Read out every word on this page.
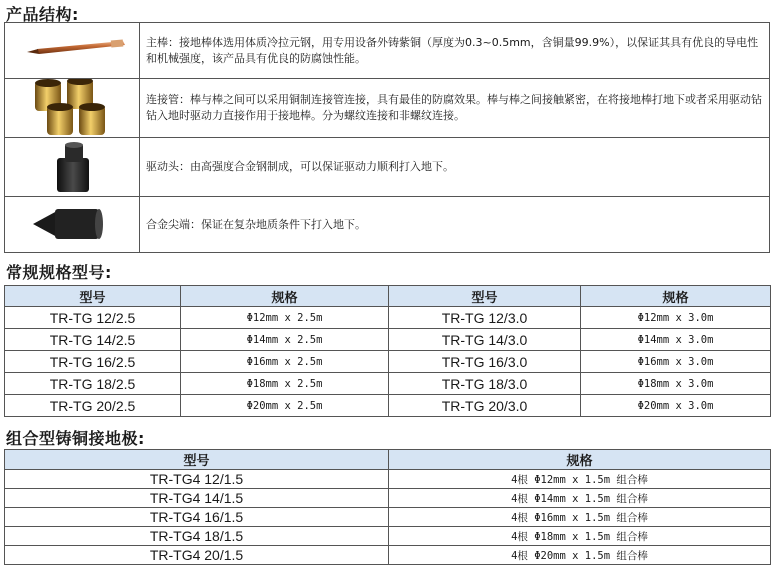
产品结构:
	主棒：接地棒体选用体质冷拉元钢，用专用设备外铸紫铜（厚度为0.3~0.5mm，含铜量99.9%），以保证其具有优良的导电性和机械强度，该产品具有优良的防腐蚀性能。

	连接管：棒与棒之间可以采用铜制连接管连接，具有最佳的防腐效果。棒与棒之间接触紧密，在将接地棒打地下或者采用驱动钻钻入地时驱动力直接作用于接地棒。分为螺纹连接和非螺纹连接。

	驱动头：由高强度合金钢制成，可以保证驱动力顺利打入地下。

	合金尖端：保证在复杂地质条件下打入地下。
常规规格型号:
型号	规格	型号	规格
TR-TG 12/2.5	Φ12mm x 2.5m	TR-TG 12/3.0	Φ12mm x 3.0m
TR-TG 14/2.5	Φ14mm x 2.5m	TR-TG 14/3.0	Φ14mm x 3.0m
TR-TG 16/2.5	Φ16mm x 2.5m	TR-TG 16/3.0	Φ16mm x 3.0m
TR-TG 18/2.5	Φ18mm x 2.5m	TR-TG 18/3.0	Φ18mm x 3.0m
TR-TG 20/2.5	Φ20mm x 2.5m	TR-TG 20/3.0	Φ20mm x 3.0m
组合型铸铜接地极:
型号	规格
TR-TG4 12/1.5	4根 Φ12mm x 1.5m 组合棒
TR-TG4 14/1.5	4根 Φ14mm x 1.5m 组合棒
TR-TG4 16/1.5	4根 Φ16mm x 1.5m 组合棒
TR-TG4 18/1.5	4根 Φ18mm x 1.5m 组合棒
TR-TG4 20/1.5	4根 Φ20mm x 1.5m 组合棒
